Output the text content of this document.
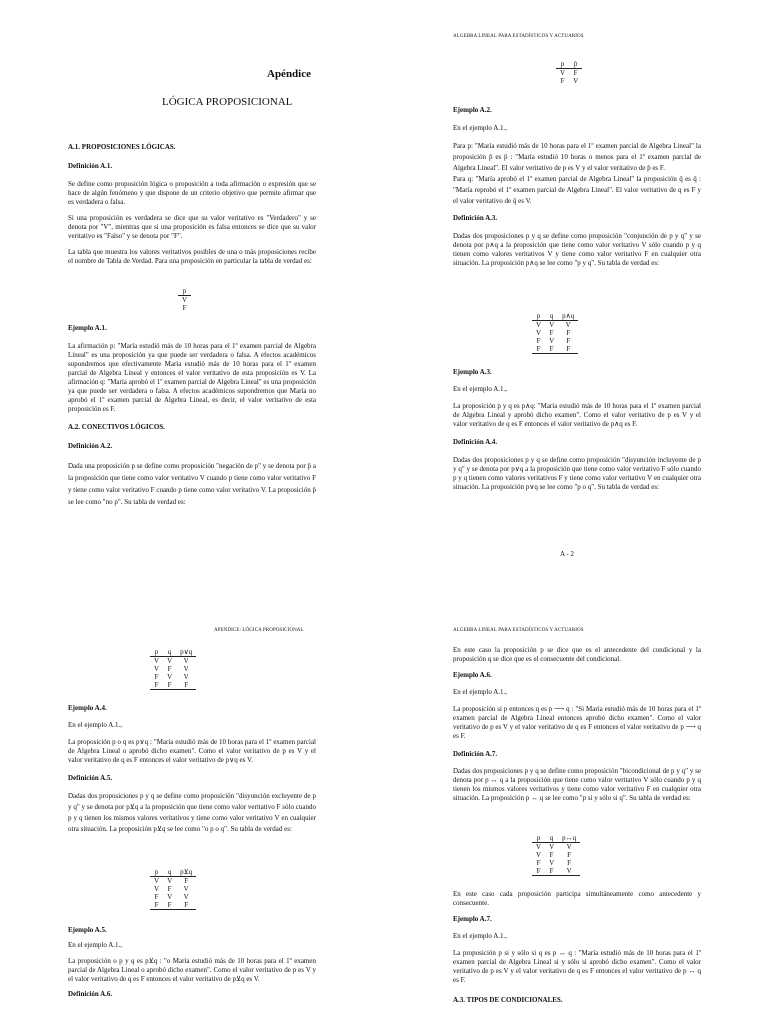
Apéndice
LÓGICA PROPOSICIONAL

A.1. PROPOSICIONES LÓGICAS.

Definición A.1.

Se define como proposición lógica o proposición a toda afirmación o expresión que se hace de algún fenómeno y que dispone de un criterio objetivo que permite afirmar que es verdadera o falsa.

Si una proposición es verdadera se dice que su valor veritativo es "Verdadero" y se denota por "V", mientras que si una proposición es falsa entonces se dice que su valor veritativo es "Falso" y se denota por "F".

La tabla que muestra los valores veritativos posibles de una o más proposiciones recibe el nombre de Tabla de Verdad. Para una proposición en particular la tabla de verdad es:

p
V
F

Ejemplo A.1.

La afirmación p: "María estudió más de 10 horas para el 1º examen parcial de Algebra Lineal" es una proposición ya que puede ser verdadera o falsa. A efectos académicos supondremos que efectivamente María estudió más de 10 horas para el 1º examen parcial de Algebra Lineal y entonces el valor veritativo de esta proposición es V. La afirmación q: "María aprobó el 1º examen parcial de Algebra Lineal" es una proposición ya que puede ser verdadera o falsa. A efectos académicos supondremos que María no aprobó el 1º examen parcial de Algebra Lineal, es decir, el valor veritativo de esta proposición es F.

A.2. CONECTIVOS LÓGICOS.

Definición A.2.

Dada una proposición p se define como proposición "negación de p" y se denota por p̄ a la proposición que tiene como valor veritativo V cuando p tiene como valor veritativo F y tiene como valor veritativo F cuando p tiene como valor veritativo V. La proposición p̄ se lee como "no p". Su tabla de verdad es:

ALGEBRA LINEAL PARA ESTADÍSTICOS Y ACTUARIOS
p	p̄
V	F
F	V

Ejemplo A.2.

En el ejemplo A.1.,

Para p: "María estudió más de 10 horas para el 1º examen parcial de Algebra Lineal" la proposición p̄ es p̄ : "María estudió 10 horas o menos para el 1º examen parcial de Algebra Lineal". El valor veritativo de p es V y el valor veritativo de p̄ es F.

Para q: "María aprobó el 1º examen parcial de Algebra Lineal" la proposición q̄ es q̄ : "María reprobó el 1º examen parcial de Algebra Lineal". El valor veritativo de q es F y el valor veritativo de q̄ es V.

Definición A.3.

Dadas dos proposiciones p y q se define como proposición "conjunción de p y q" y se denota por p∧q a la proposición que tiene como valor veritativo V sólo cuando p y q tienen como valores veritativos V y tiene como valor veritativo F en cualquier otra situación. La proposición p∧q se lee como "p y q". Su tabla de verdad es:

p	q	p∧q
V	V	V
V	F	F
F	V	F
F	F	F

Ejemplo A.3.

En el ejemplo A.1.,

La proposición p y q es p∧q: "María estudió más de 10 horas para el 1º examen parcial de Algebra Lineal y aprobó dicho examen". Como el valor veritativo de p es V y el valor veritativo de q es F entonces el valor veritativo de p∧q es F.

Definición A.4.

Dadas dos proposiciones p y q se define como proposición "disyunción incluyente de p y q" y se denota por p∨q a la proposición que tiene como valor veritativo F sólo cuando p y q tienen como valores veritativos F y tiene como valor veritativo V en cualquier otra situación. La proposición p∨q se lee como "p o q". Su tabla de verdad es:

A - 2
APENDICE: LÓGICA PROPOSICIONAL
p	q	p∨q
V	V	V
V	F	V
F	V	V
F	F	F

Ejemplo A.4.

En el ejemplo A.1.,

La proposición p o q es p∨q : "María estudió más de 10 horas para el 1º examen parcial de Algebra Lineal o aprobó dicho examen". Como el valor veritativo de p es V y el valor veritativo de q es F entonces el valor veritativo de p∨q es V.

Definición A.5.

Dadas dos proposiciones p y q se define como proposición "disyunción excluyente de p y q" y se denota por p⊻q a la proposición que tiene como valor veritativo F sólo cuando p y q tienen los mismos valores veritativos y tiene como valor veritativo V en cualquier otra situación. La proposición p⊻q se lee como "o p o q". Su tabla de verdad es:

p	q	p⊻q
V	V	F
V	F	V
F	V	V
F	F	F

Ejemplo A.5.

En el ejemplo A.1.,

La proposición o p y q es p⊻q : "o María estudió más de 10 horas para el 1º examen parcial de Algebra Lineal o aprobó dicho examen". Como el valor veritativo de p es V y el valor veritativo de q es F entonces el valor veritativo de p⊻q es V.

Definición A.6.

ALGEBRA LINEAL PARA ESTADÍSTICOS Y ACTUARIOS

En este caso la proposición p se dice que es el antecedente del condicional y la proposición q se dice que es el consecuente del condicional.

Ejemplo A.6.

En el ejemplo A.1.,

La proposición si p entonces q es p ⟶ q : "Si María estudió más de 10 horas para el 1º examen parcial de Algebra Lineal entonces aprobó dicho examen". Como el valor veritativo de p es V y el valor veritativo de q es F entonces el valor veritativo de p ⟶ q es F.

Definición A.7.

Dadas dos proposiciones p y q se define como proposición "bicondicional de p y q" y se denota por p ↔ q a la proposición que tiene como valor veritativo V sólo cuando p y q tienen los mismos valores veritativos y tiene como valor veritativo F en cualquier otra situación. La proposición p ↔ q se lee como "p si y sólo si q". Su tabla de verdad es:

p	q	p↔q
V	V	V
V	F	F
F	V	F
F	F	V

En este caso cada proposición participa simultáneamente como antecedente y consecuente.

Ejemplo A.7.

En el ejemplo A.1.,

La proposición p si y sólo si q es p ↔ q : "María estudió más de 10 horas para el 1º examen parcial de Algebra Lineal si y sólo si aprobó dicho examen". Como el valor veritativo de p es V y el valor veritativo de q es F entonces el valor veritativo de p ↔ q es F.

A.3. TIPOS DE CONDICIONALES.
